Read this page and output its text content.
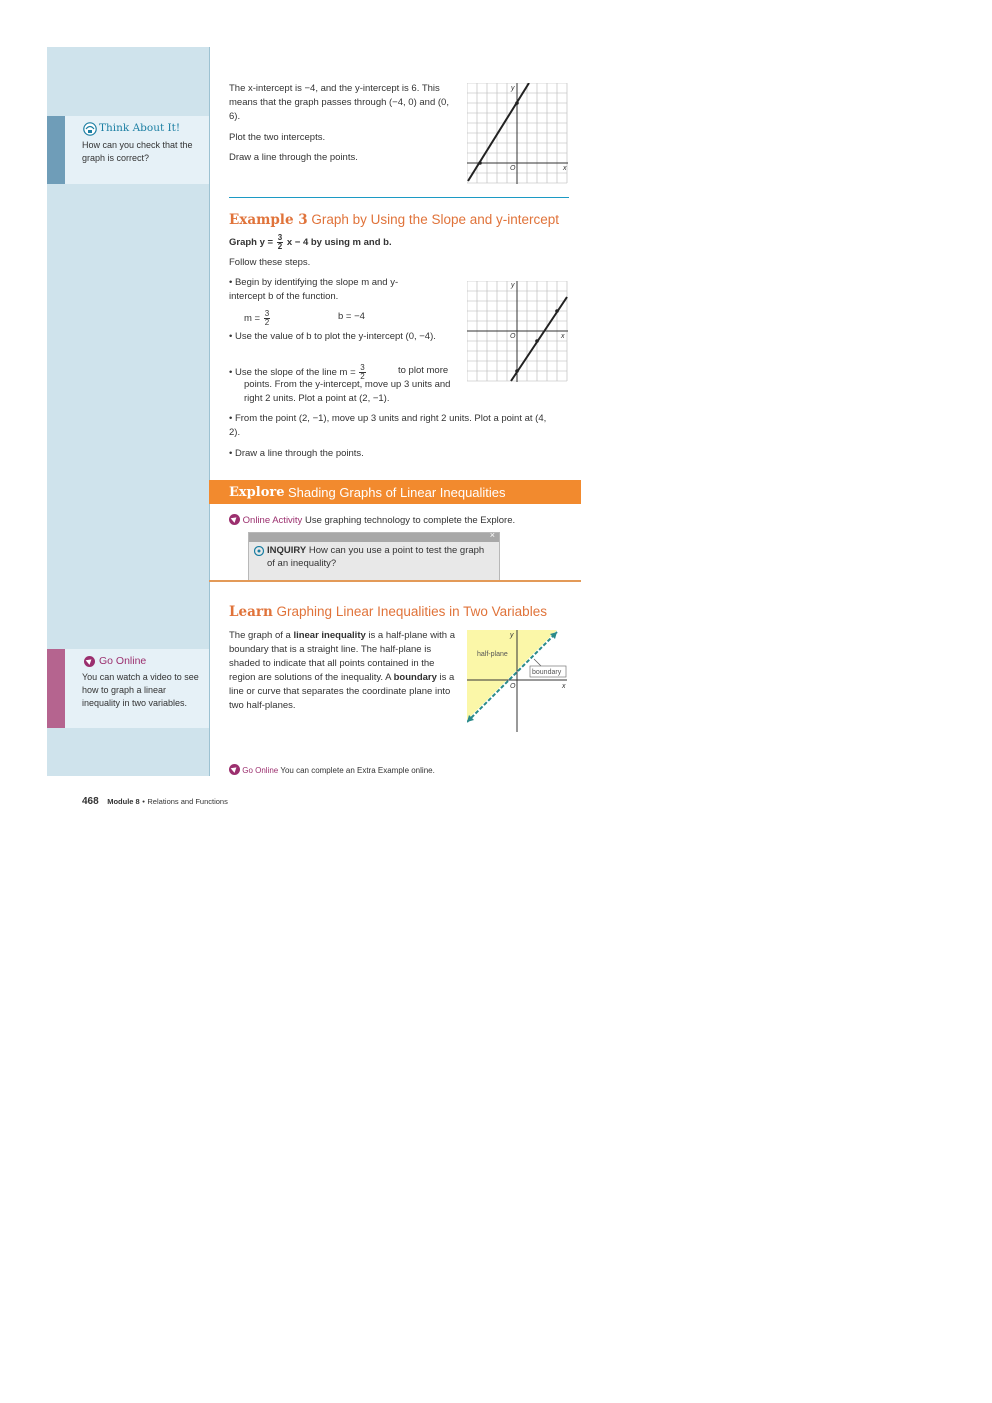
Think About It!
How can you check that the graph is correct?
Go Online
You can watch a video to see how to graph a linear inequality in two variables.
The x-intercept is −4, and the y-intercept is 6. This means that the graph passes through (−4, 0) and (0, 6).
Plot the two intercepts.
Draw a line through the points.
y
x
O
Example 3 Graph by Using the Slope and y-intercept
Graph $y = \frac{3}{2}$ x − 4 by using m and b.
Follow these steps.
• Begin by identifying the slope m and y-intercept b of the function.
$m = \frac{3}{2}$	b = −4
• Use the value of b to plot the y-intercept (0, −4).
• Use the slope of the line $m = \frac{3}{2}$	to plot more points. From the y-intercept, move up 3 units and right 2 units. Plot a point at (2, −1).
• From the point (2, −1), move up 3 units and right 2 units. Plot a point at (4, 2).
• Draw a line through the points.
y
x
O
Explore Shading Graphs of Linear Inequalities
Online Activity Use graphing technology to complete the Explore.
×
INQUIRY How can you use a point to test the graph of an inequality?
Learn Graphing Linear Inequalities in Two Variables
The graph of a linear inequality is a half-plane with a boundary that is a straight line. The half-plane is shaded to indicate that all points contained in the region are solutions of the inequality. A boundary is a line or curve that separates the coordinate plane into two half-planes.
half-plane
boundary
y
x
O
Go Online You can complete an Extra Example online.
468 Module 8 • Relations and Functions
